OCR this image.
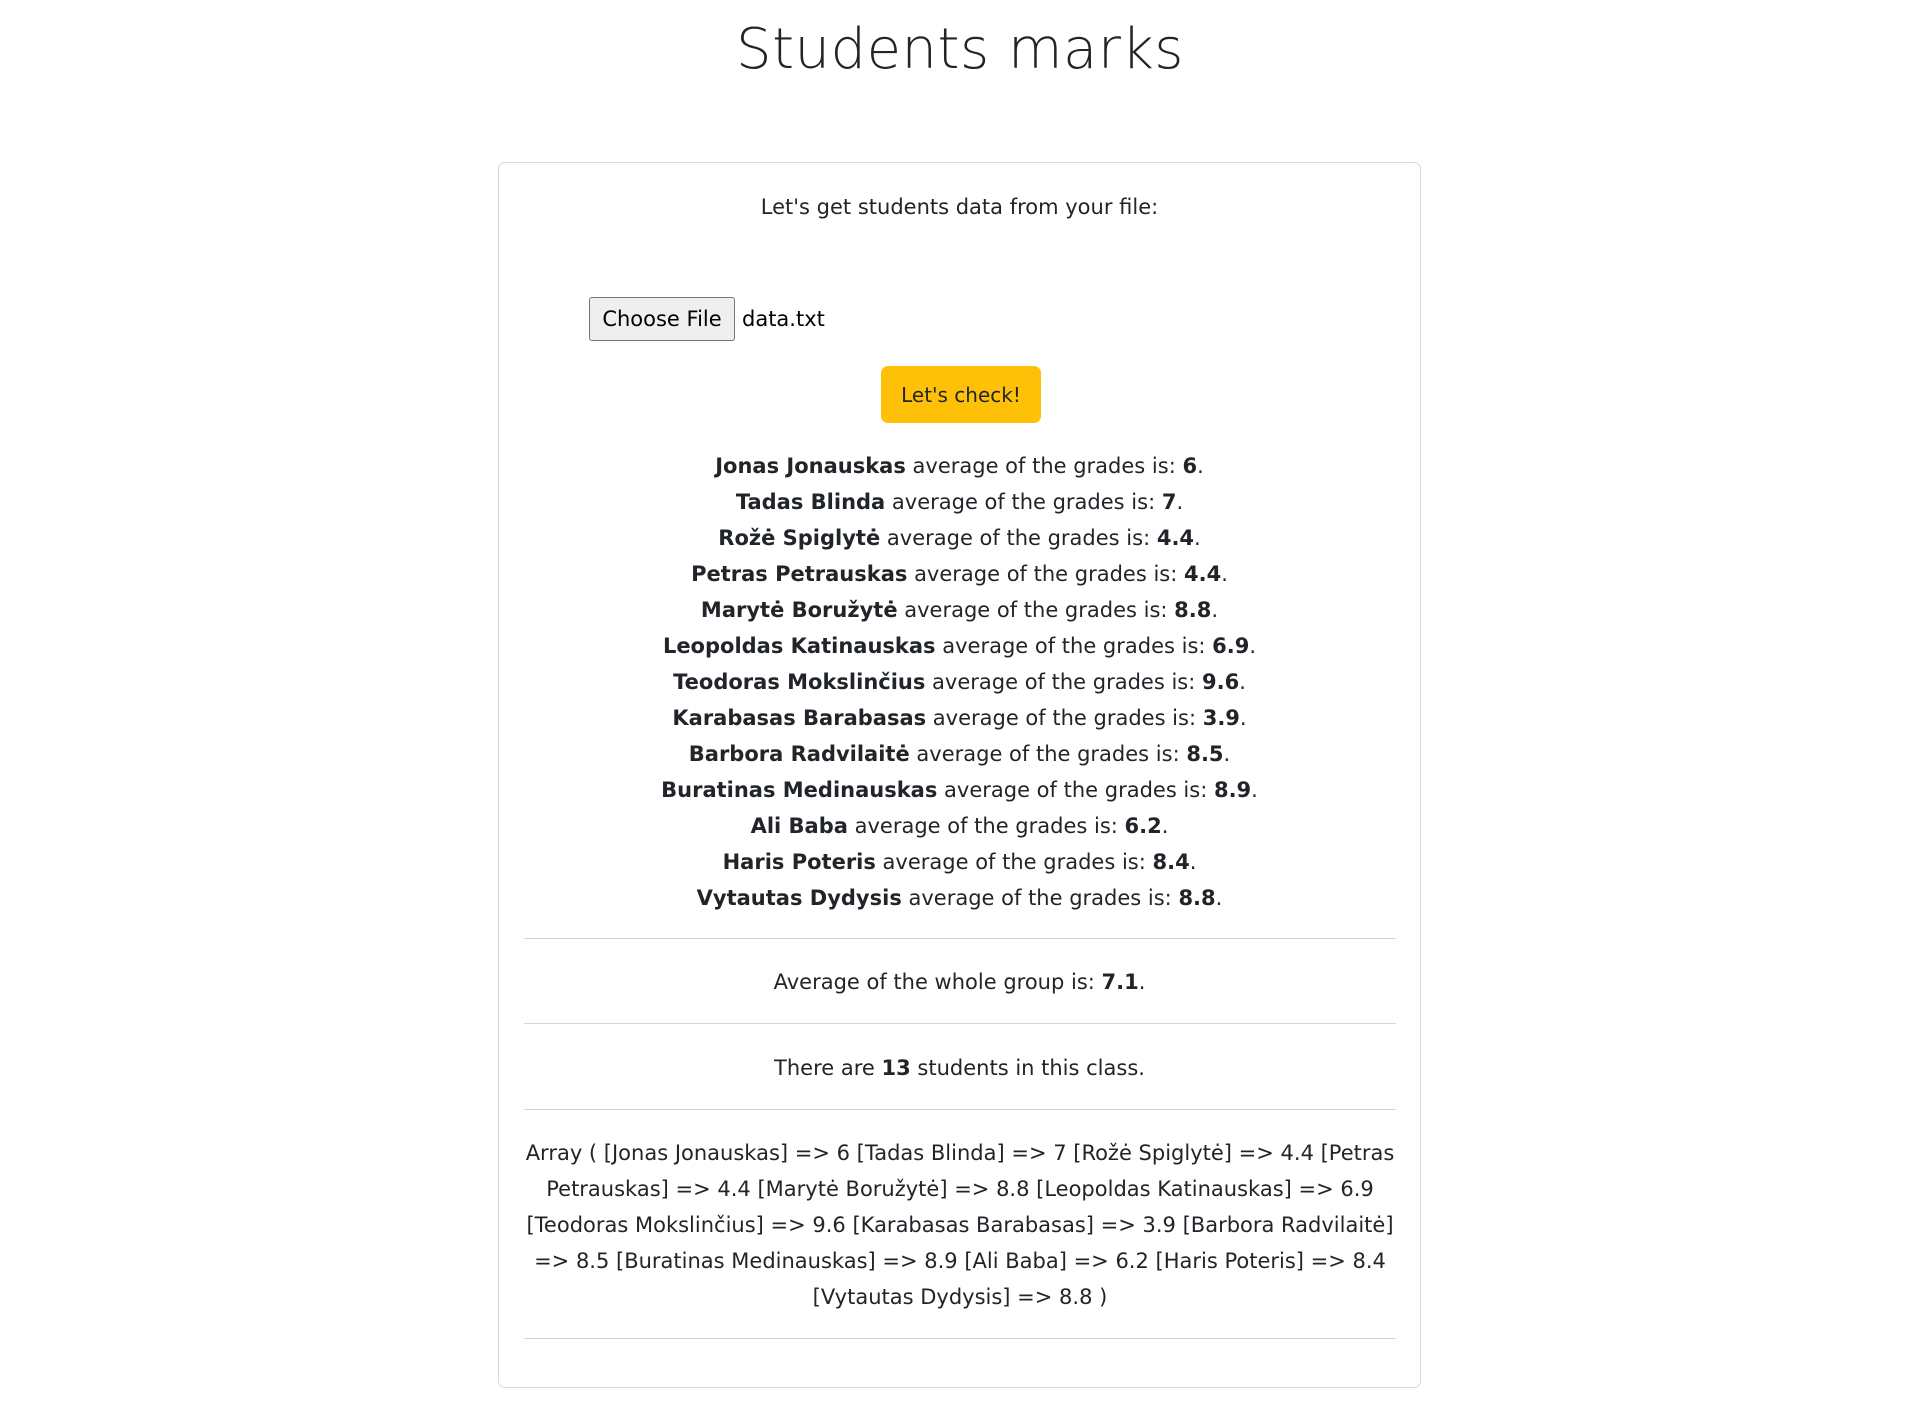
Students marks

Let's get students data from your file:

Choose File data.txt
Let's check!
Jonas Jonauskas average of the grades is: 6.
Tadas Blinda average of the grades is: 7.
Rožė Spiglytė average of the grades is: 4.4.
Petras Petrauskas average of the grades is: 4.4.
Marytė Boružytė average of the grades is: 8.8.
Leopoldas Katinauskas average of the grades is: 6.9.
Teodoras Mokslinčius average of the grades is: 9.6.
Karabasas Barabasas average of the grades is: 3.9.
Barbora Radvilaitė average of the grades is: 8.5.
Buratinas Medinauskas average of the grades is: 8.9.
Ali Baba average of the grades is: 6.2.
Haris Poteris average of the grades is: 8.4.
Vytautas Dydysis average of the grades is: 8.8.

Average of the whole group is: 7.1.

There are 13 students in this class.

Array ( [Jonas Jonauskas] => 6 [Tadas Blinda] => 7 [Rožė Spiglytė] => 4.4 [Petras Petrauskas] => 4.4 [Marytė Boružytė] => 8.8 [Leopoldas Katinauskas] => 6.9 [Teodoras Mokslinčius] => 9.6 [Karabasas Barabasas] => 3.9 [Barbora Radvilaitė] => 8.5 [Buratinas Medinauskas] => 8.9 [Ali Baba] => 6.2 [Haris Poteris] => 8.4 [Vytautas Dydysis] => 8.8 )
